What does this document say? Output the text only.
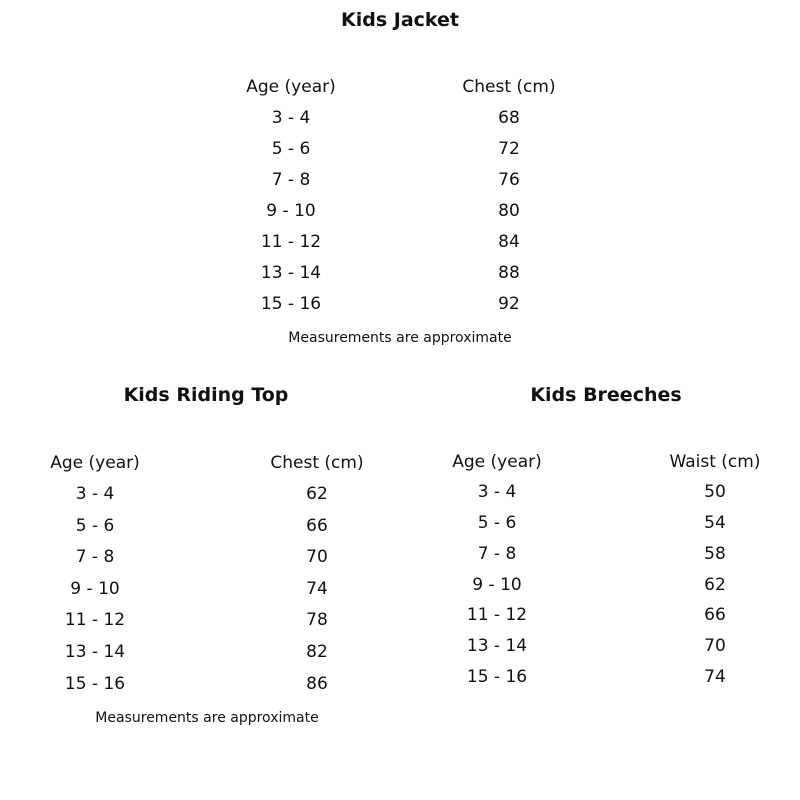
Kids Jacket
Age (year)	Chest (cm)
3 - 4	68
5 - 6	72
7 - 8	76
9 - 10	80
11 - 12	84
13 - 14	88
15 - 16	92
Measurements are approximate
Kids Riding Top
Age (year)	Chest (cm)
3 - 4	62
5 - 6	66
7 - 8	70
9 - 10	74
11 - 12	78
13 - 14	82
15 - 16	86
Measurements are approximate
Kids Breeches
Age (year)	Waist (cm)
3 - 4	50
5 - 6	54
7 - 8	58
9 - 10	62
11 - 12	66
13 - 14	70
15 - 16	74
